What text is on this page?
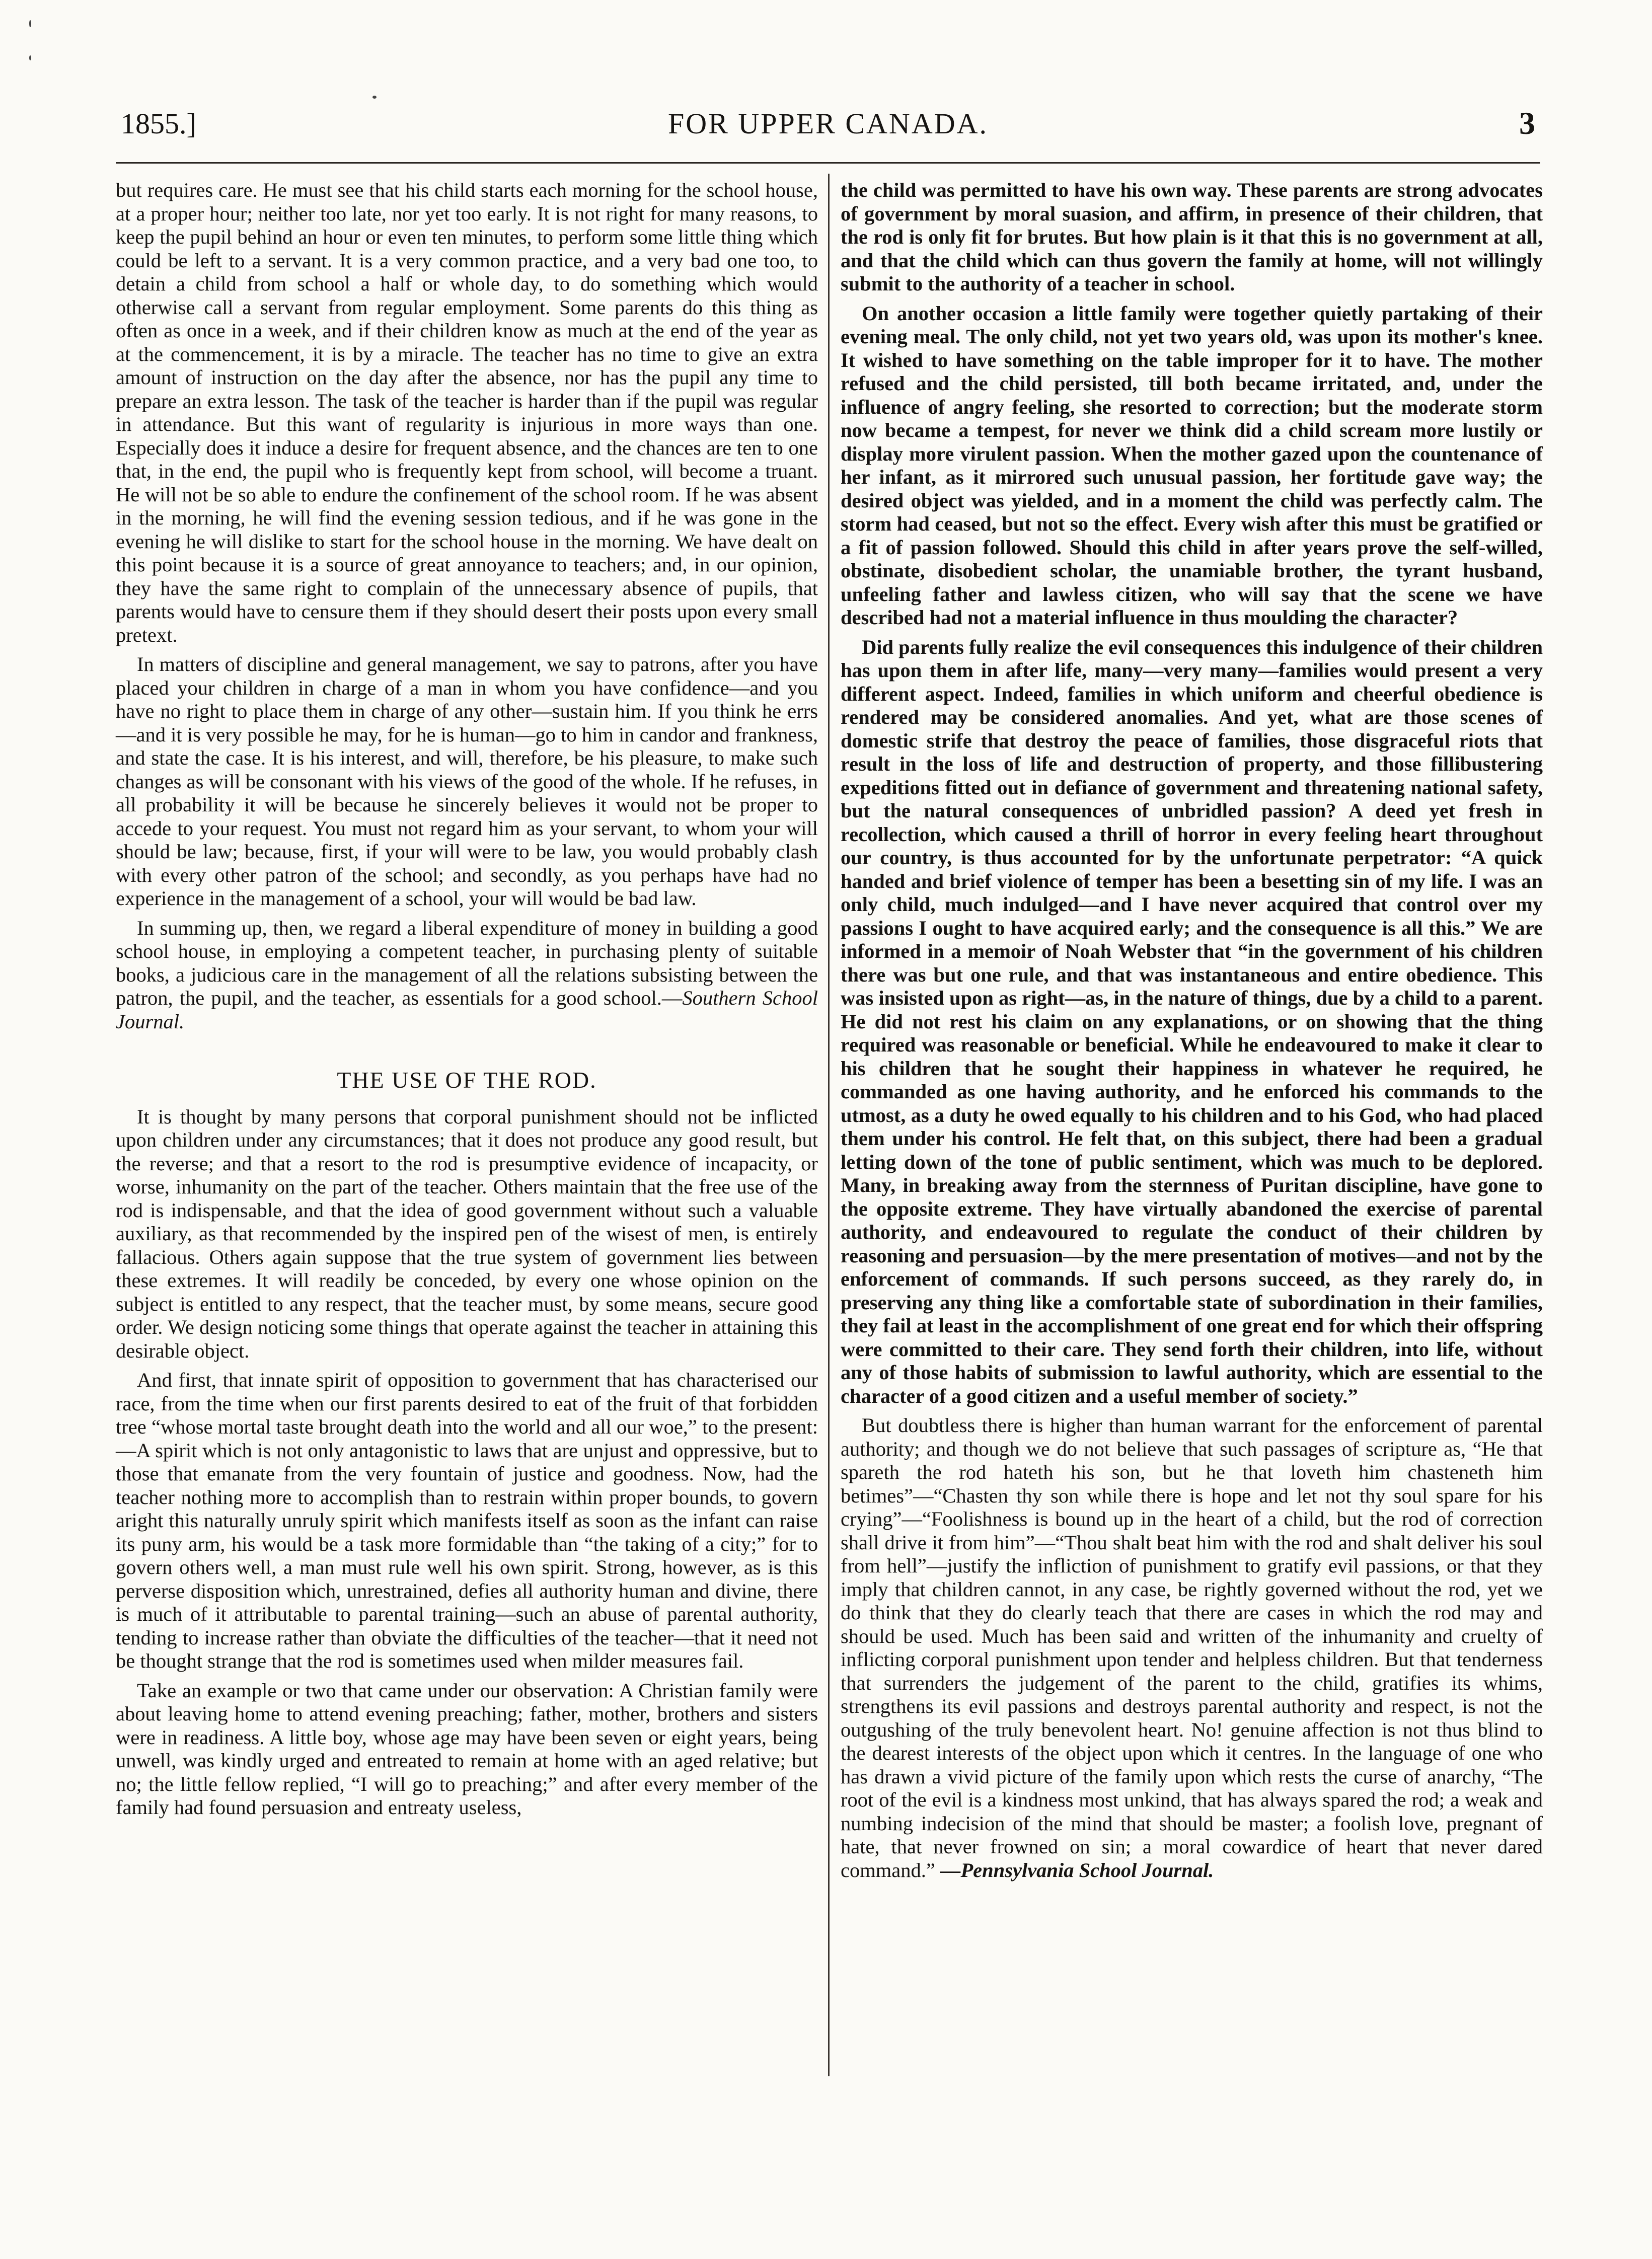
1855.]	FOR UPPER CANADA.	3

but requires care. He must see that his child starts each morning for the school house, at a proper hour; neither too late, nor yet too early. It is not right for many reasons, to keep the pupil behind an hour or even ten minutes, to perform some little thing which could be left to a servant. It is a very common practice, and a very bad one too, to detain a child from school a half or whole day, to do something which would otherwise call a servant from regular employment. Some parents do this thing as often as once in a week, and if their children know as much at the end of the year as at the commencement, it is by a miracle. The teacher has no time to give an extra amount of instruction on the day after the absence, nor has the pupil any time to prepare an extra lesson. The task of the teacher is harder than if the pupil was regular in attendance. But this want of regularity is injurious in more ways than one. Especially does it induce a desire for frequent absence, and the chances are ten to one that, in the end, the pupil who is frequently kept from school, will become a truant. He will not be so able to endure the confinement of the school room. If he was absent in the morning, he will find the evening session tedious, and if he was gone in the evening he will dislike to start for the school house in the morning. We have dealt on this point because it is a source of great annoyance to teachers; and, in our opinion, they have the same right to complain of the unnecessary absence of pupils, that parents would have to censure them if they should desert their posts upon every small pretext.

In matters of discipline and general management, we say to patrons, after you have placed your children in charge of a man in whom you have confidence—and you have no right to place them in charge of any other—sustain him. If you think he errs—and it is very possible he may, for he is human—go to him in candor and frankness, and state the case. It is his interest, and will, therefore, be his pleasure, to make such changes as will be consonant with his views of the good of the whole. If he refuses, in all probability it will be because he sincerely believes it would not be proper to accede to your request. You must not regard him as your servant, to whom your will should be law; because, first, if your will were to be law, you would probably clash with every other patron of the school; and secondly, as you perhaps have had no experience in the management of a school, your will would be bad law.

In summing up, then, we regard a liberal expenditure of money in building a good school house, in employing a competent teacher, in purchasing plenty of suitable books, a judicious care in the management of all the relations subsisting between the patron, the pupil, and the teacher, as essentials for a good school.—Southern School Journal.

THE USE OF THE ROD.

It is thought by many persons that corporal punishment should not be inflicted upon children under any circumstances; that it does not produce any good result, but the reverse; and that a resort to the rod is presumptive evidence of incapacity, or worse, inhumanity on the part of the teacher. Others maintain that the free use of the rod is indispensable, and that the idea of good government without such a valuable auxiliary, as that recommended by the inspired pen of the wisest of men, is entirely fallacious. Others again suppose that the true system of government lies between these extremes. It will readily be conceded, by every one whose opinion on the subject is entitled to any respect, that the teacher must, by some means, secure good order. We design noticing some things that operate against the teacher in attaining this desirable object.

And first, that innate spirit of opposition to government that has characterised our race, from the time when our first parents desired to eat of the fruit of that forbidden tree “whose mortal taste brought death into the world and all our woe,” to the present:—A spirit which is not only antagonistic to laws that are unjust and oppressive, but to those that emanate from the very fountain of justice and goodness. Now, had the teacher nothing more to accomplish than to restrain within proper bounds, to govern aright this naturally unruly spirit which manifests itself as soon as the infant can raise its puny arm, his would be a task more formidable than “the taking of a city;” for to govern others well, a man must rule well his own spirit. Strong, however, as is this perverse disposition which, unrestrained, defies all authority human and divine, there is much of it attributable to parental training—such an abuse of parental authority, tending to increase rather than obviate the difficulties of the teacher—that it need not be thought strange that the rod is sometimes used when milder measures fail.

Take an example or two that came under our observation: A Christian family were about leaving home to attend evening preaching; father, mother, brothers and sisters were in readiness. A little boy, whose age may have been seven or eight years, being unwell, was kindly urged and entreated to remain at home with an aged relative; but no; the little fellow replied, “I will go to preaching;” and after every member of the family had found persuasion and entreaty useless,

the child was permitted to have his own way. These parents are strong advocates of government by moral suasion, and affirm, in presence of their children, that the rod is only fit for brutes. But how plain is it that this is no government at all, and that the child which can thus govern the family at home, will not willingly submit to the authority of a teacher in school.

On another occasion a little family were together quietly partaking of their evening meal. The only child, not yet two years old, was upon its mother's knee. It wished to have something on the table improper for it to have. The mother refused and the child persisted, till both became irritated, and, under the influence of angry feeling, she resorted to correction; but the moderate storm now became a tempest, for never we think did a child scream more lustily or display more virulent passion. When the mother gazed upon the countenance of her infant, as it mirrored such unusual passion, her fortitude gave way; the desired object was yielded, and in a moment the child was perfectly calm. The storm had ceased, but not so the effect. Every wish after this must be gratified or a fit of passion followed. Should this child in after years prove the self-willed, obstinate, disobedient scholar, the unamiable brother, the tyrant husband, unfeeling father and lawless citizen, who will say that the scene we have described had not a material influence in thus moulding the character?

Did parents fully realize the evil consequences this indulgence of their children has upon them in after life, many—very many—families would present a very different aspect. Indeed, families in which uniform and cheerful obedience is rendered may be considered anomalies. And yet, what are those scenes of domestic strife that destroy the peace of families, those disgraceful riots that result in the loss of life and destruction of property, and those fillibustering expeditions fitted out in defiance of government and threatening national safety, but the natural consequences of unbridled passion? A deed yet fresh in recollection, which caused a thrill of horror in every feeling heart throughout our country, is thus accounted for by the unfortunate perpetrator: “A quick handed and brief violence of temper has been a besetting sin of my life. I was an only child, much indulged—and I have never acquired that control over my passions I ought to have acquired early; and the consequence is all this.” We are informed in a memoir of Noah Webster that “in the government of his children there was but one rule, and that was instantaneous and entire obedience. This was insisted upon as right—as, in the nature of things, due by a child to a parent. He did not rest his claim on any explanations, or on showing that the thing required was reasonable or beneficial. While he endeavoured to make it clear to his children that he sought their happiness in whatever he required, he commanded as one having authority, and he enforced his commands to the utmost, as a duty he owed equally to his children and to his God, who had placed them under his control. He felt that, on this subject, there had been a gradual letting down of the tone of public sentiment, which was much to be deplored. Many, in breaking away from the sternness of Puritan discipline, have gone to the opposite extreme. They have virtually abandoned the exercise of parental authority, and endeavoured to regulate the conduct of their children by reasoning and persuasion—by the mere presentation of motives—and not by the enforcement of commands. If such persons succeed, as they rarely do, in preserving any thing like a comfortable state of subordination in their families, they fail at least in the accomplishment of one great end for which their offspring were committed to their care. They send forth their children, into life, without any of those habits of submission to lawful authority, which are essential to the character of a good citizen and a useful member of society.”

But doubtless there is higher than human warrant for the enforcement of parental authority; and though we do not believe that such passages of scripture as, “He that spareth the rod hateth his son, but he that loveth him chasteneth him betimes”—“Chasten thy son while there is hope and let not thy soul spare for his crying”—“Foolishness is bound up in the heart of a child, but the rod of correction shall drive it from him”—“Thou shalt beat him with the rod and shalt deliver his soul from hell”—justify the infliction of punishment to gratify evil passions, or that they imply that children cannot, in any case, be rightly governed without the rod, yet we do think that they do clearly teach that there are cases in which the rod may and should be used. Much has been said and written of the inhumanity and cruelty of inflicting corporal punishment upon tender and helpless children. But that tenderness that surrenders the judgement of the parent to the child, gratifies its whims, strengthens its evil passions and destroys parental authority and respect, is not the outgushing of the truly benevolent heart. No! genuine affection is not thus blind to the dearest interests of the object upon which it centres. In the language of one who has drawn a vivid picture of the family upon which rests the curse of anarchy, “The root of the evil is a kindness most unkind, that has always spared the rod; a weak and numbing indecision of the mind that should be master; a foolish love, pregnant of hate, that never frowned on sin; a moral cowardice of heart that never dared command.” —Pennsylvania School Journal.
